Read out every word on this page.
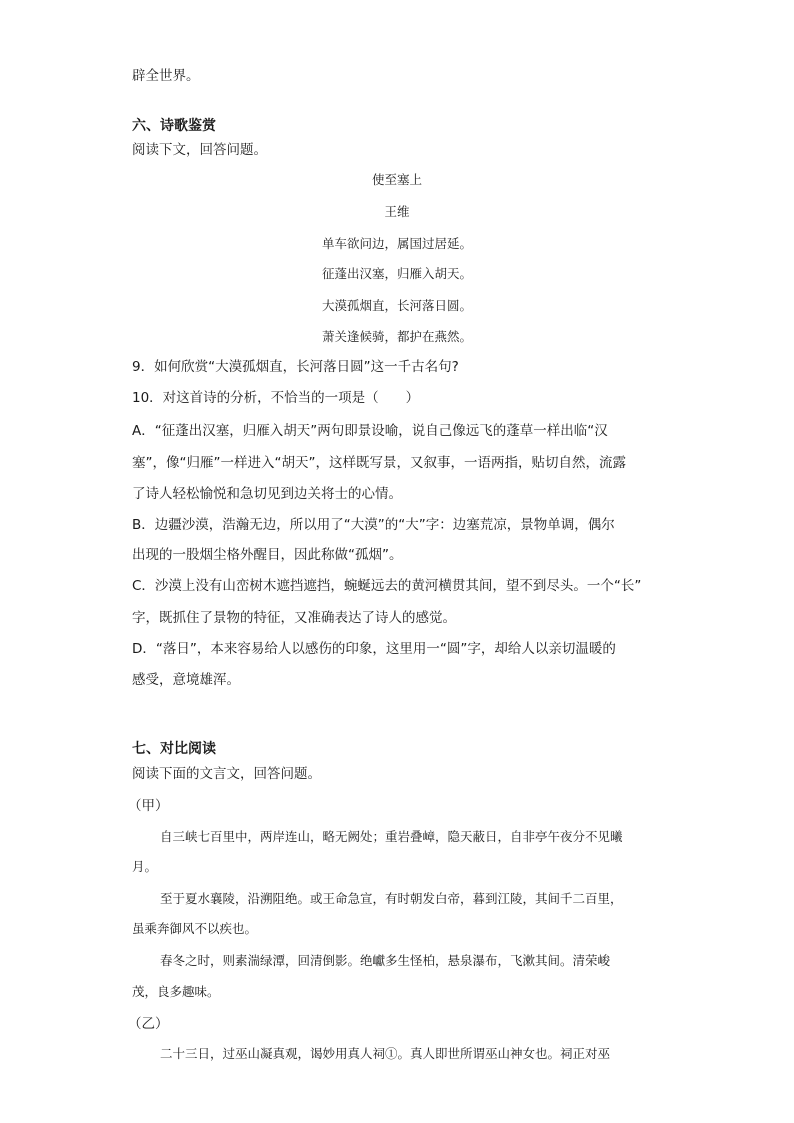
辟全世界。
六、诗歌鉴赏
阅读下文，回答问题。
使至塞上
王维
单车欲问边，属国过居延。
征蓬出汉塞，归雁入胡天。
大漠孤烟直，长河落日圆。
萧关逢候骑，都护在燕然。
9．如何欣赏“大漠孤烟直，长河落日圆”这一千古名句?
10．对这首诗的分析，不恰当的一项是（　　）
A．“征蓬出汉塞，归雁入胡天”两句即景设喻，说自己像远飞的蓬草一样出临“汉
塞”，像“归雁”一样进入“胡天”，这样既写景，又叙事，一语两指，贴切自然，流露
了诗人轻松愉悦和急切见到边关将士的心情。
B．边疆沙漠，浩瀚无边，所以用了“大漠”的“大”字：边塞荒凉，景物单调，偶尔
出现的一股烟尘格外醒目，因此称做“孤烟”。
C．沙漠上没有山峦树木遮挡遮挡，蜿蜒远去的黄河横贯其间，望不到尽头。一个“长”
字，既抓住了景物的特征，又准确表达了诗人的感觉。
D．“落日”，本来容易给人以感伤的印象，这里用一“圆”字，却给人以亲切温暖的
感受，意境雄浑。
七、对比阅读
阅读下面的文言文，回答问题。
（甲）
自三峡七百里中，两岸连山，略无阙处；重岩叠嶂，隐天蔽日，自非亭午夜分不见曦
月。
至于夏水襄陵，沿溯阻绝。或王命急宣，有时朝发白帝，暮到江陵，其间千二百里，
虽乘奔御风不以疾也。
春冬之时，则素湍绿潭，回清倒影。绝巘多生怪柏，悬泉瀑布，飞漱其间。清荣峻
茂，良多趣味。
（乙）
二十三日，过巫山凝真观，谒妙用真人祠①。真人即世所谓巫山神女也。祠正对巫
